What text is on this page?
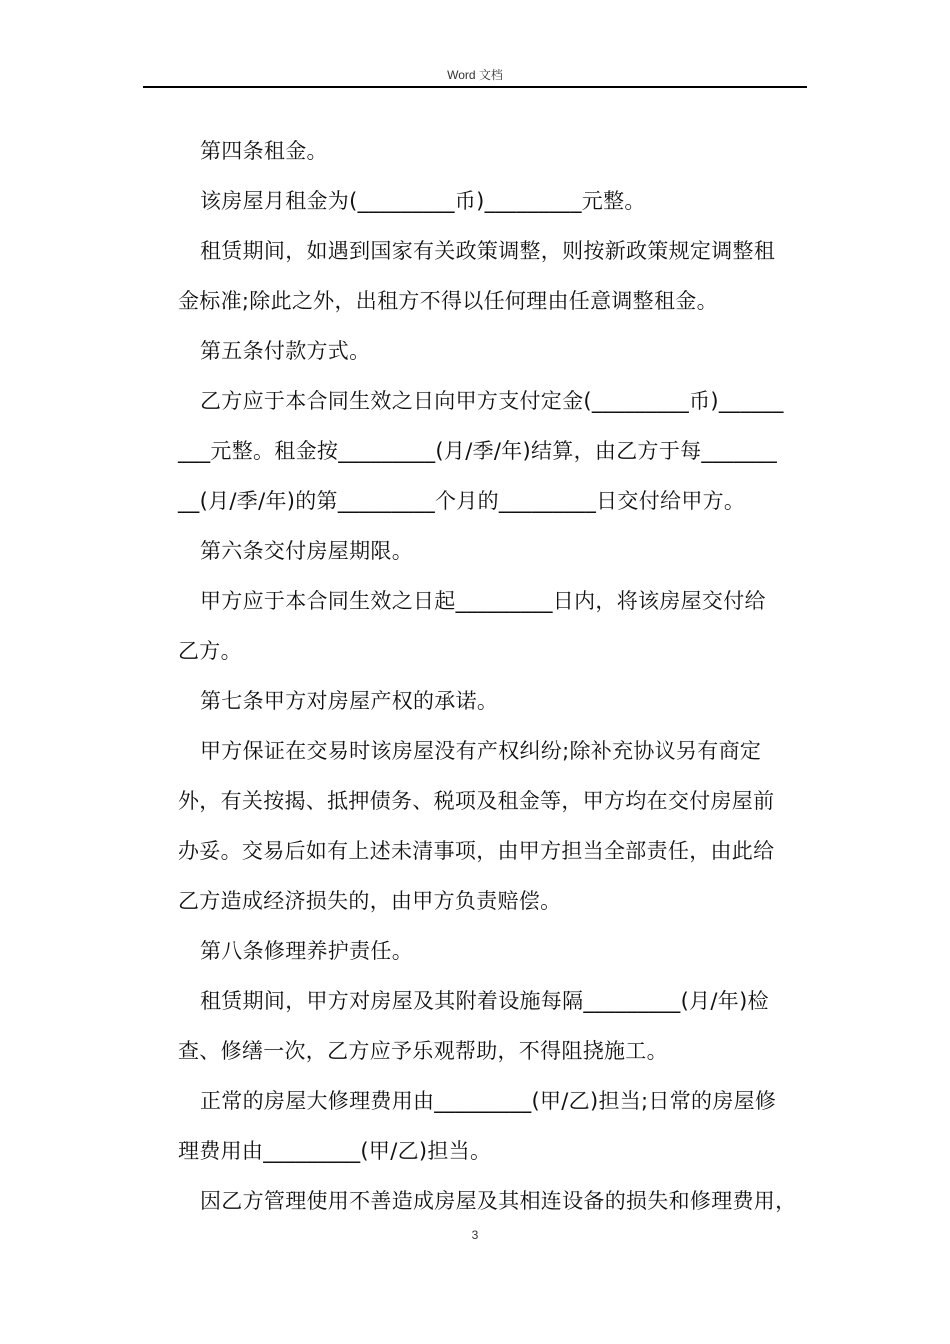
Word 文档
第四条租金。
该房屋月租金为(_________币)_________元整。
租赁期间，如遇到国家有关政策调整，则按新政策规定调整租
金标准;除此之外，出租方不得以任何理由任意调整租金。
第五条付款方式。
乙方应于本合同生效之日向甲方支付定金(_________币)______
___元整。租金按_________(月/季/年)结算，由乙方于每_______
__(月/季/年)的第_________个月的_________日交付给甲方。
第六条交付房屋期限。
甲方应于本合同生效之日起_________日内，将该房屋交付给
乙方。
第七条甲方对房屋产权的承诺。
甲方保证在交易时该房屋没有产权纠纷;除补充协议另有商定
外，有关按揭、抵押债务、税项及租金等，甲方均在交付房屋前
办妥。交易后如有上述未清事项，由甲方担当全部责任，由此给
乙方造成经济损失的，由甲方负责赔偿。
第八条修理养护责任。
租赁期间，甲方对房屋及其附着设施每隔_________(月/年)检
查、修缮一次，乙方应予乐观帮助，不得阻挠施工。
正常的房屋大修理费用由_________(甲/乙)担当;日常的房屋修
理费用由_________(甲/乙)担当。
因乙方管理使用不善造成房屋及其相连设备的损失和修理费用，
3
